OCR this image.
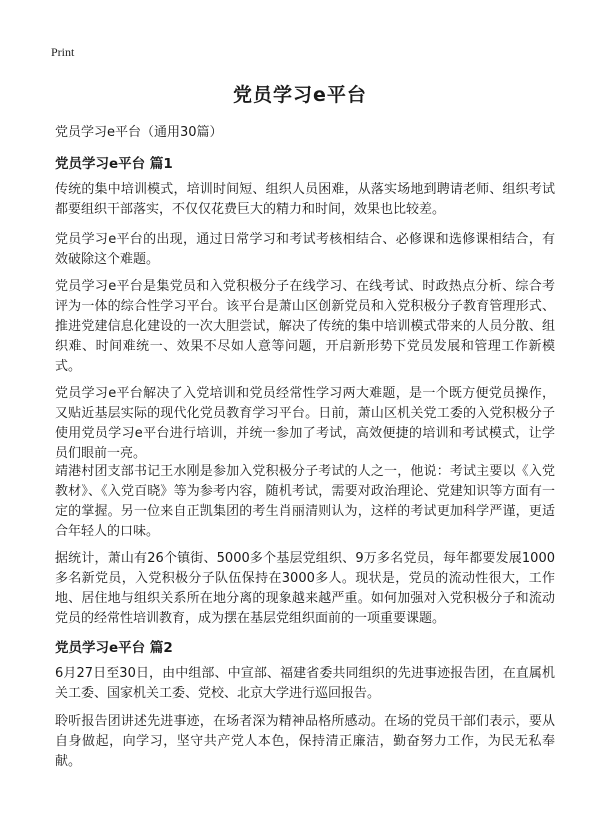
Print
党员学习e平台
党员学习e平台（通用30篇）
党员学习e平台 篇1

传统的集中培训模式，培训时间短、组织人员困难，从落实场地到聘请老师、组织考试都要组织干部落实，不仅仅花费巨大的精力和时间，效果也比较差。

党员学习e平台的出现，通过日常学习和考试考核相结合、必修课和选修课相结合，有效破除这个难题。

党员学习e平台是集党员和入党积极分子在线学习、在线考试、时政热点分析、综合考评为一体的综合性学习平台。该平台是萧山区创新党员和入党积极分子教育管理形式、推进党建信息化建设的一次大胆尝试，解决了传统的集中培训模式带来的人员分散、组织难、时间难统一、效果不尽如人意等问题，开启新形势下党员发展和管理工作新模式。

党员学习e平台解决了入党培训和党员经常性学习两大难题，是一个既方便党员操作，又贴近基层实际的现代化党员教育学习平台。日前，萧山区机关党工委的入党积极分子使用党员学习e平台进行培训，并统一参加了考试，高效便捷的培训和考试模式，让学员们眼前一亮。

靖港村团支部书记王水刚是参加入党积极分子考试的人之一，他说：考试主要以《入党教材》、《入党百晓》等为参考内容，随机考试，需要对政治理论、党建知识等方面有一定的掌握。另一位来自正凯集团的考生肖丽清则认为，这样的考试更加科学严谨，更适合年轻人的口味。

据统计，萧山有26个镇街、5000多个基层党组织、9万多名党员，每年都要发展1000多名新党员，入党积极分子队伍保持在3000多人。现状是，党员的流动性很大，工作地、居住地与组织关系所在地分离的现象越来越严重。如何加强对入党积极分子和流动党员的经常性培训教育，成为摆在基层党组织面前的一项重要课题。

党员学习e平台 篇2

6月27日至30日，由中组部、中宣部、福建省委共同组织的先进事迹报告团，在直属机关工委、国家机关工委、党校、北京大学进行巡回报告。

聆听报告团讲述先进事迹，在场者深为精神品格所感动。在场的党员干部们表示，要从自身做起，向学习，坚守共产党人本色，保持清正廉洁，勤奋努力工作，为民无私奉献。
